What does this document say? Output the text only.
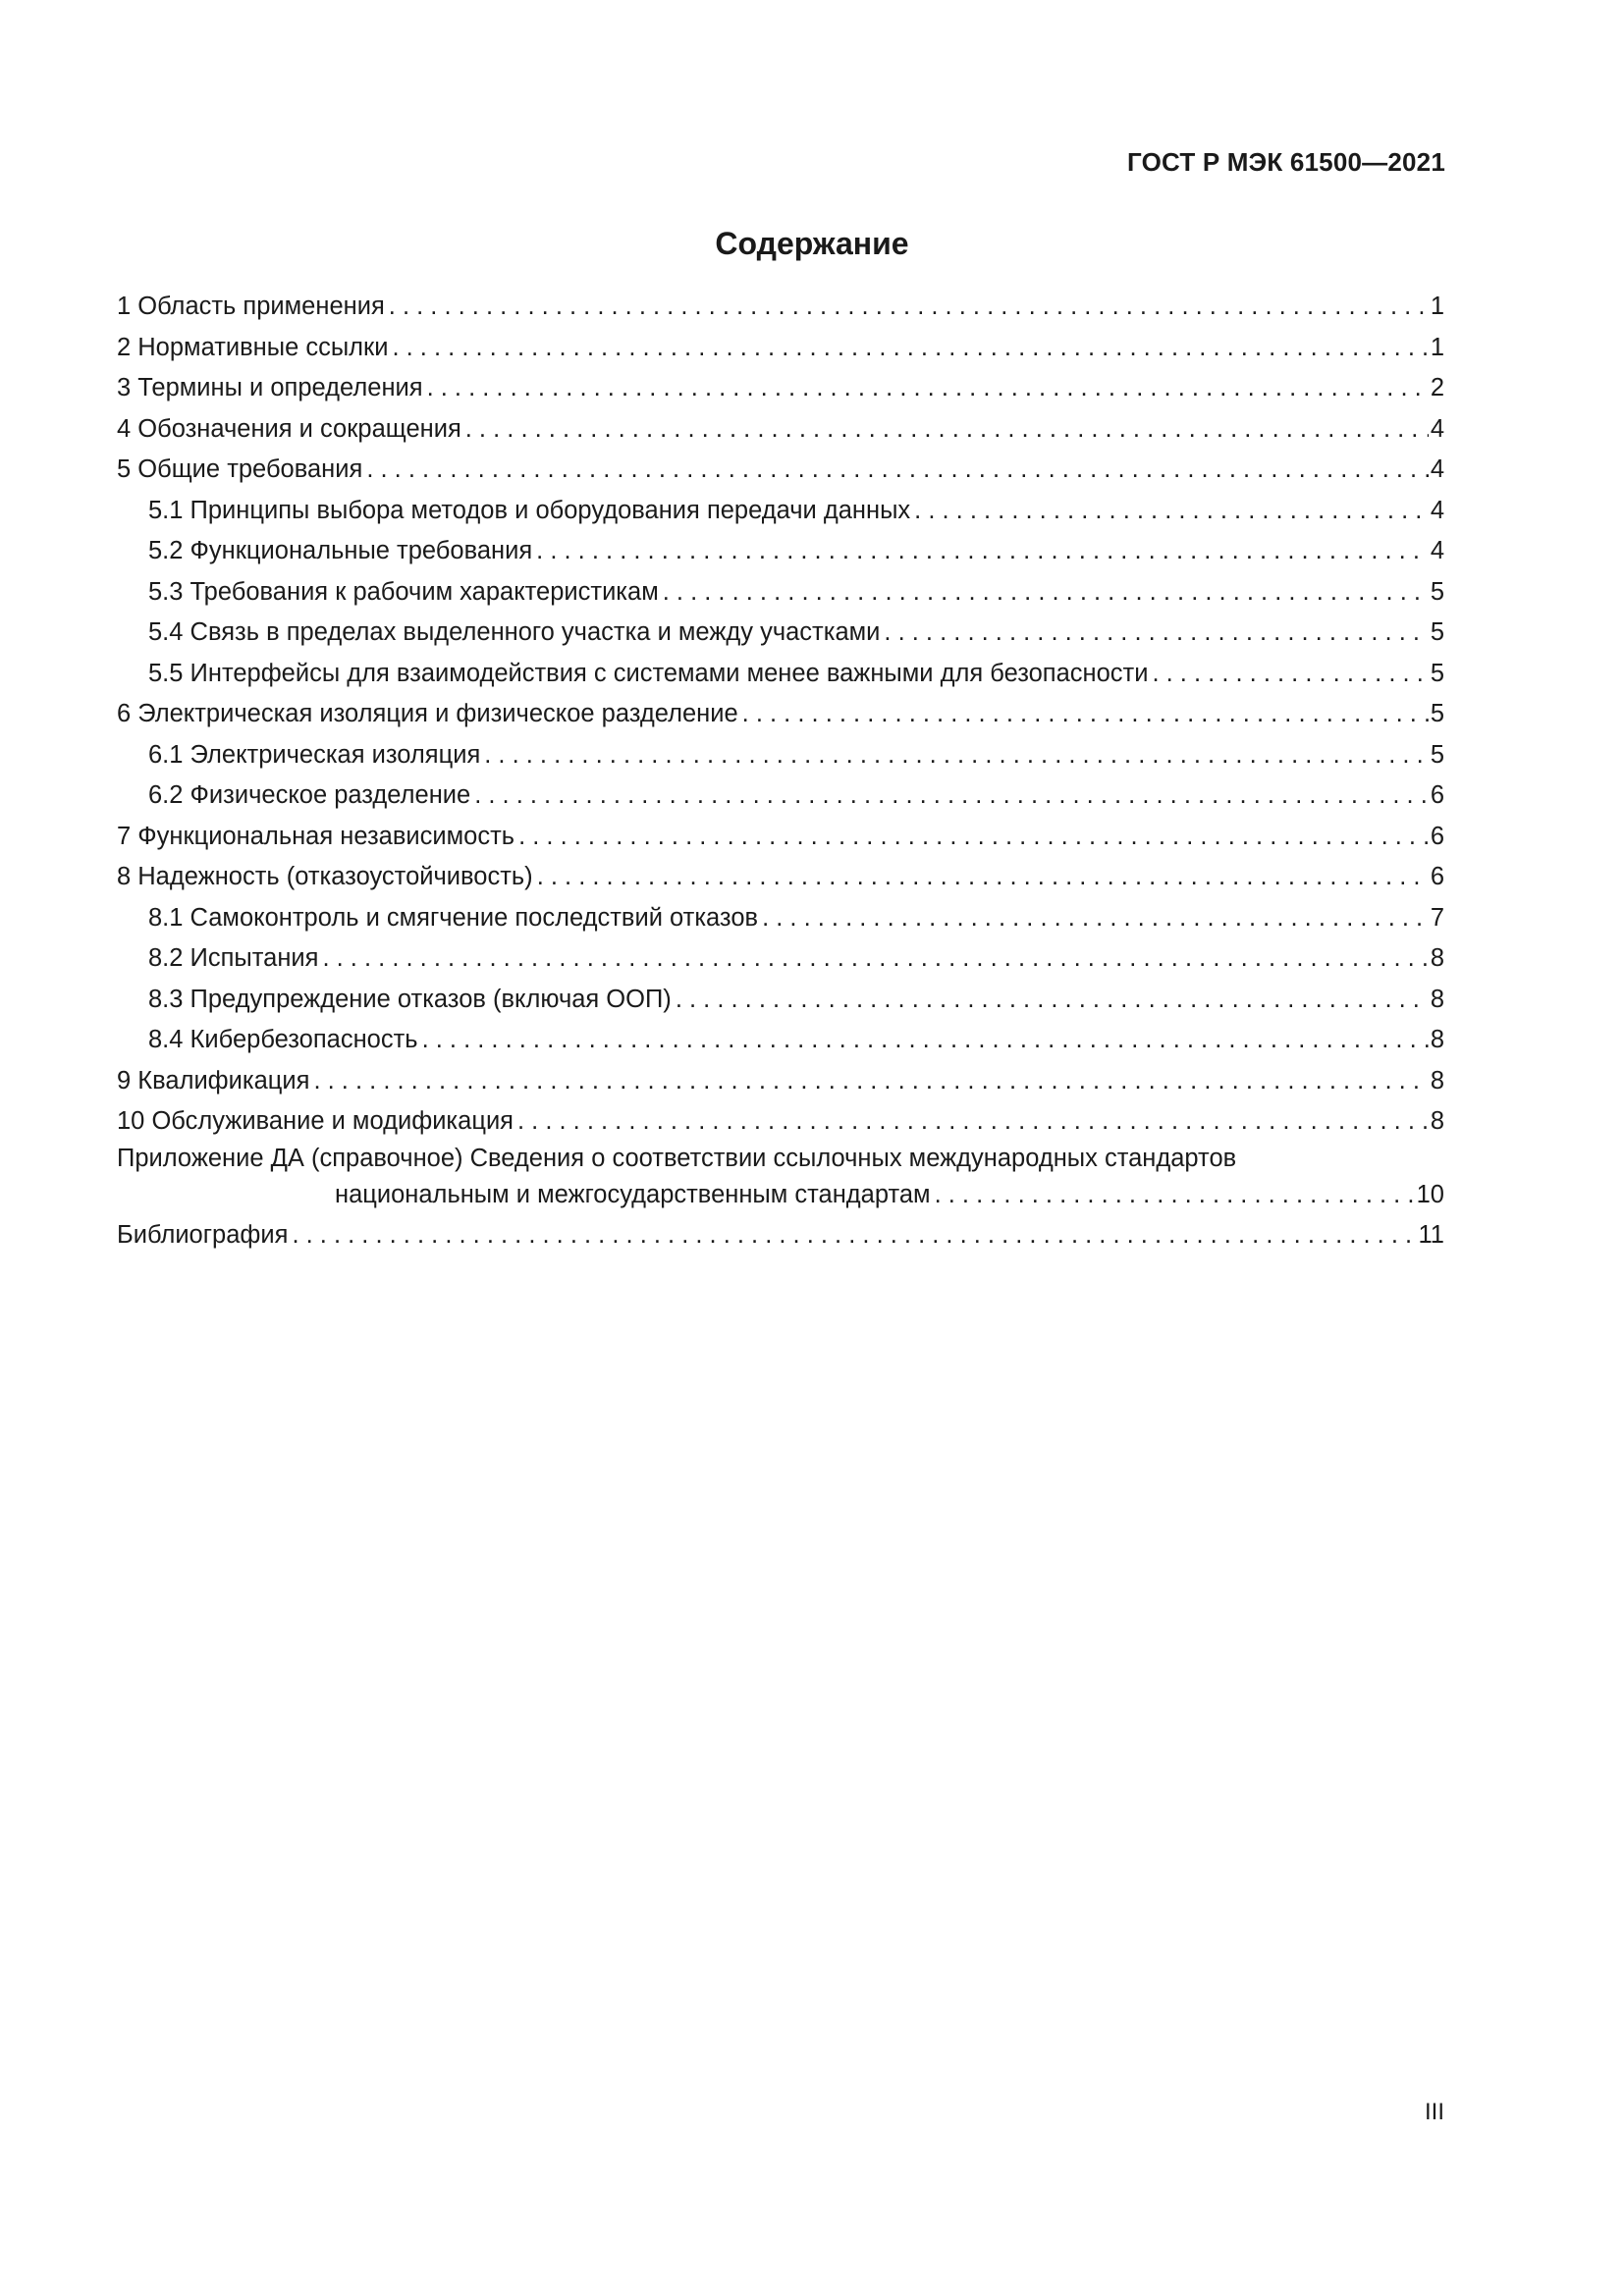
ГОСТ Р МЭК 61500—2021
Содержание
1 Область применения . . .	1
2 Нормативные ссылки . . .	1
3 Термины и определения . . .	2
4 Обозначения и сокращения . . .	4
5 Общие требования . . .	4
5.1 Принципы выбора методов и оборудования передачи данных . . .	4
5.2 Функциональные требования . . .	4
5.3 Требования к рабочим характеристикам . . .	5
5.4 Связь в пределах выделенного участка и между участками . . .	5
5.5 Интерфейсы для взаимодействия с системами менее важными для безопасности . . .	5
6 Электрическая изоляция и физическое разделение . . .	5
6.1 Электрическая изоляция . . .	5
6.2 Физическое разделение . . .	6
7 Функциональная независимость . . .	6
8 Надежность (отказоустойчивость) . . .	6
8.1 Самоконтроль и смягчение последствий отказов . . .	7
8.2 Испытания . . .	8
8.3 Предупреждение отказов (включая ООП) . . .	8
8.4 Кибербезопасность . . .	8
9 Квалификация . . .	8
10 Обслуживание и модификация . . .	8
Приложение ДА (справочное) Сведения о соответствии ссылочных международных стандартов
национальным и межгосударственным стандартам . . .	10
Библиография . . .	11
III
